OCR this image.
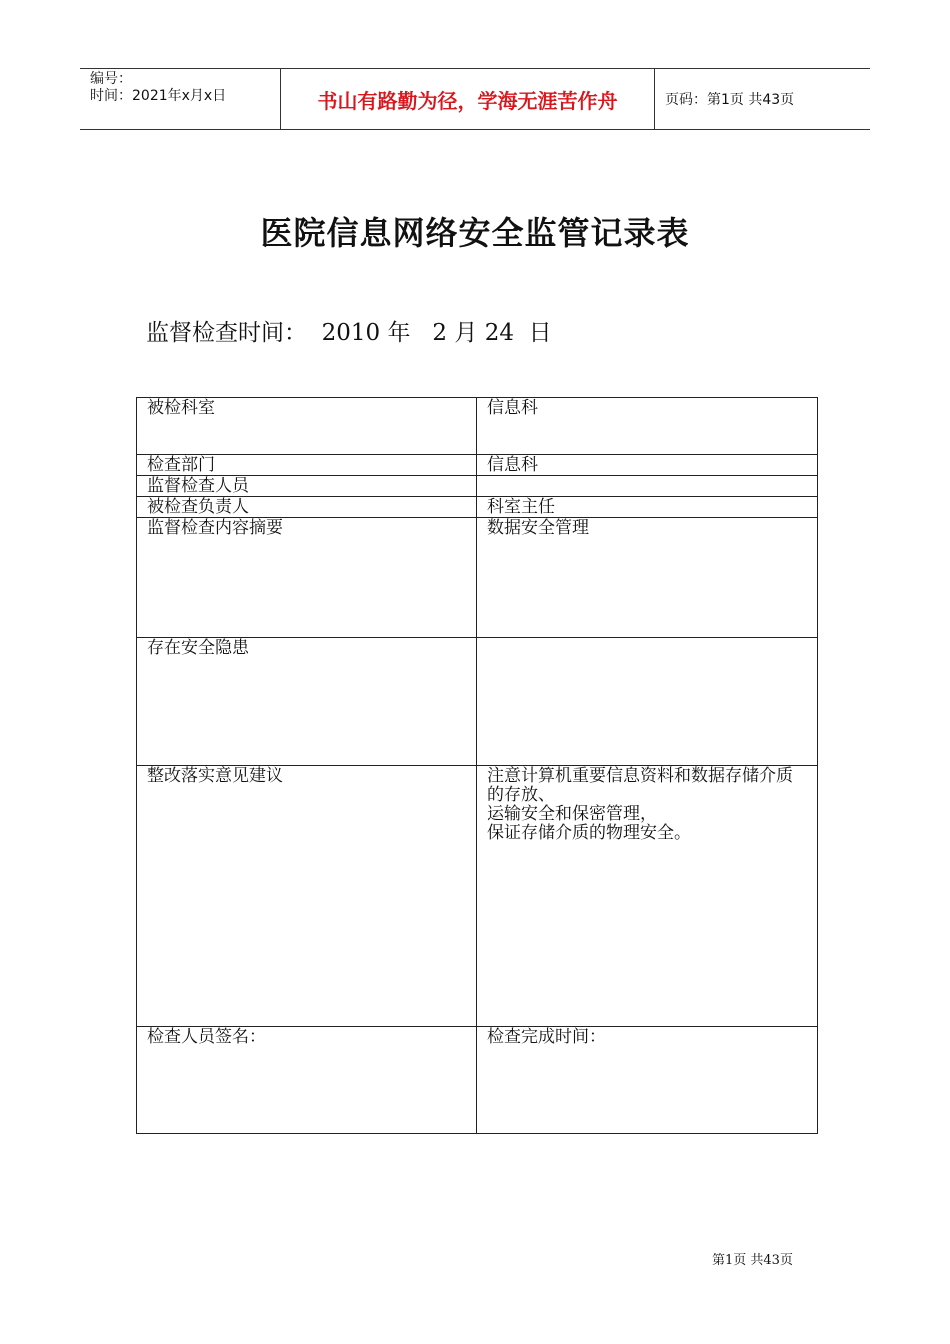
编号：
时间：2021年x月x日	书山有路勤为径，学海无涯苦作舟	页码：第1页 共43页
医院信息网络安全监管记录表
监督检查时间： 2010 年 2 月 24 日
被检科室	信息科
检查部门	信息科
监督检查人员	
被检查负责人	科室主任
监督检查内容摘要	数据安全管理
存在安全隐患	
整改落实意见建议	注意计算机重要信息资料和数据存储介质的存放、
运输安全和保密管理，
保证存储介质的物理安全。
检查人员签名：	检查完成时间：
第1页 共43页
